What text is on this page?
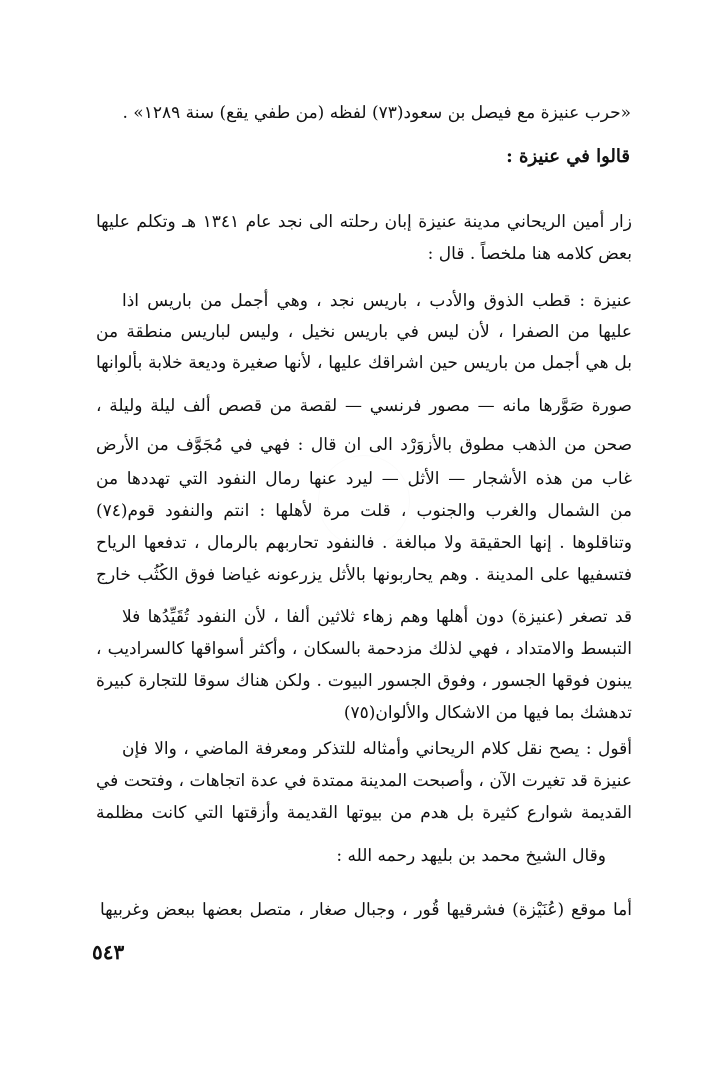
«حرب عنيزة مع فيصل بن سعود(٧٣) لفظه (من طفي يقع) سنة ١٢٨٩» .
قالوا في عنيزة :
زار أمين الريحاني مدينة عنيزة إبان رحلته الى نجد عام ١٣٤١ هـ وتكلم عليها
بعض كلامه هنا ملخصاً . قال :
عنيزة : قطب الذوق والأدب ، باريس نجد ، وهي أجمل من باريس اذا
عليها من الصفرا ، لأن ليس في باريس نخيل ، وليس لباريس منطقة من
بل هي أجمل من باريس حين اشراقك عليها ، لأنها صغيرة وديعة خلابة بألوانها
صورة صَوَّرها مانه — مصور فرنسي — لقصة من قصص ألف ليلة وليلة ،
صحن من الذهب مطوق بالأزوَرْد الى ان قال : فهي في مُجَوَّف من الأرض
غاب من هذه الأشجار — الأثل — ليرد عنها رمال النفود التي تهددها من
من الشمال والغرب والجنوب ، قلت مرة لأهلها : انتم والنفود قوم(٧٤)
وتناقلوها . إنها الحقيقة ولا مبالغة . فالنفود تحاربهم بالرمال ، تدفعها الرياح
فتسفيها على المدينة . وهم يحاربونها بالأثل يزرعونه غياضا فوق الكُثُب خارج
قد تصغر (عنيزة) دون أهلها وهم زهاء ثلاثين ألفا ، لأن النفود تُقَيِّدُها فلا
التبسط والامتداد ، فهي لذلك مزدحمة بالسكان ، وأكثر أسواقها كالسراديب ،
يبنون فوقها الجسور ، وفوق الجسور البيوت . ولكن هناك سوقا للتجارة كبيرة
تدهشك بما فيها من الاشكال والألوان(٧٥)
أقول : يصح نقل كلام الريحاني وأمثاله للتذكر ومعرفة الماضي ، والا فإن
عنيزة قد تغيرت الآن ، وأصبحت المدينة ممتدة في عدة اتجاهات ، وفتحت في
القديمة شوارع كثيرة بل هدم من بيوتها القديمة وأزقتها التي كانت مظلمة
وقال الشيخ محمد بن بليهد رحمه الله :
أما موقع (عُنَيْزة) فشرقيها قُور ، وجبال صغار ، متصل بعضها ببعض وغربيها
٥٤٣
